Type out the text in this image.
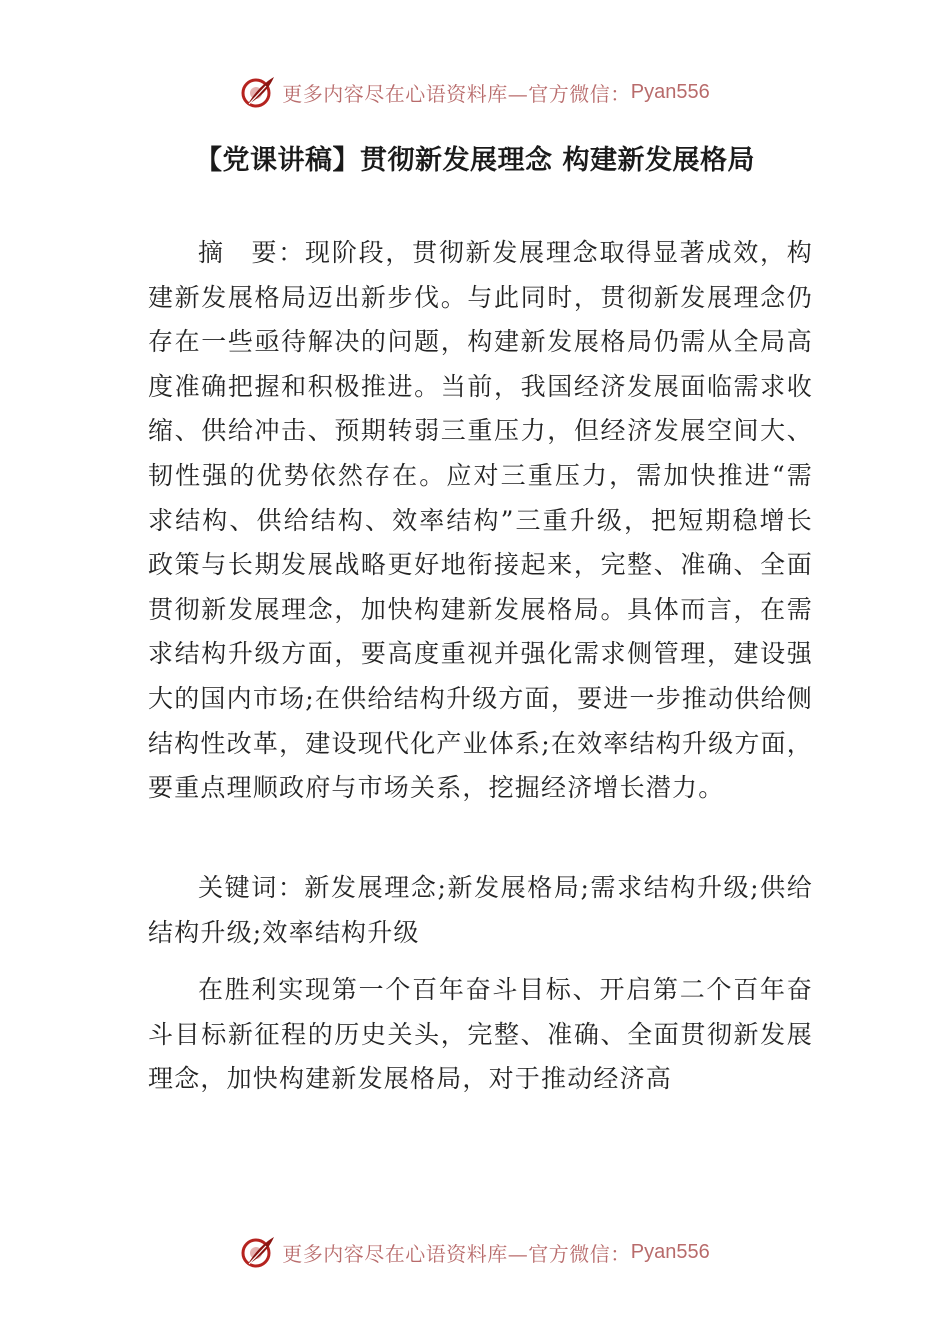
更多内容尽在心语资料库—官方微信： Pyan556
【党课讲稿】贯彻新发展理念 构建新发展格局

摘　要：现阶段，贯彻新发展理念取得显著成效，构建新发展格局迈出新步伐。与此同时，贯彻新发展理念仍存在一些亟待解决的问题，构建新发展格局仍需从全局高度准确把握和积极推进。当前，我国经济发展面临需求收缩、供给冲击、预期转弱三重压力，但经济发展空间大、韧性强的优势依然存在。应对三重压力，需加快推进“需求结构、供给结构、效率结构”三重升级，把短期稳增长政策与长期发展战略更好地衔接起来，完整、准确、全面贯彻新发展理念，加快构建新发展格局。具体而言，在需求结构升级方面，要高度重视并强化需求侧管理，建设强大的国内市场;在供给结构升级方面，要进一步推动供给侧结构性改革，建设现代化产业体系;在效率结构升级方面，要重点理顺政府与市场关系，挖掘经济增长潜力。

关键词：新发展理念;新发展格局;需求结构升级;供给结构升级;效率结构升级

在胜利实现第一个百年奋斗目标、开启第二个百年奋斗目标新征程的历史关头，完整、准确、全面贯彻新发展理念，加快构建新发展格局，对于推动经济高

更多内容尽在心语资料库—官方微信： Pyan556
